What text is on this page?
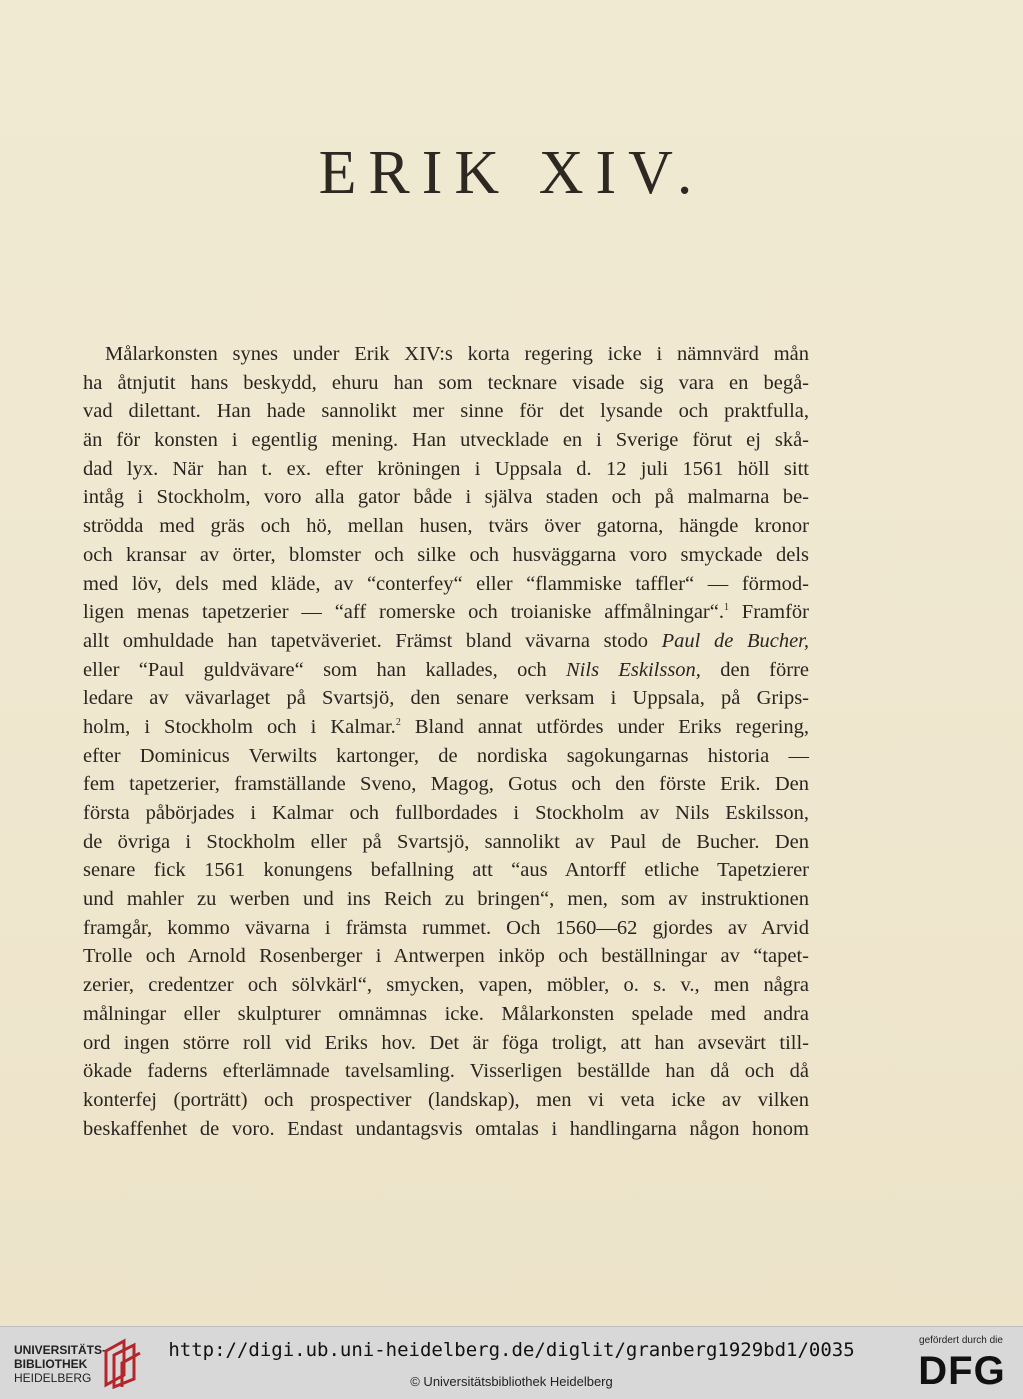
ERIK XIV.
Målarkonsten synes under Erik XIV:s korta regering icke i nämnvärd mån
ha åtnjutit hans beskydd, ehuru han som tecknare visade sig vara en begå-
vad dilettant. Han hade sannolikt mer sinne för det lysande och praktfulla,
än för konsten i egentlig mening. Han utvecklade en i Sverige förut ej skå-
dad lyx. När han t. ex. efter kröningen i Uppsala d. 12 juli 1561 höll sitt
intåg i Stockholm, voro alla gator både i själva staden och på malmarna be-
strödda med gräs och hö, mellan husen, tvärs över gatorna, hängde kronor
och kransar av örter, blomster och silke och husväggarna voro smyckade dels
med löv, dels med kläde, av “conterfey“ eller “flammiske taffler“ — förmod-
ligen menas tapetzerier — “aff romerske och troianiske affmålningar“.$^1$ Framför
allt omhuldade han tapetväveriet. Främst bland vävarna stodo Paul de Bucher,
eller “Paul guldvävare“ som han kallades, och Nils Eskilsson, den förre
ledare av vävarlaget på Svartsjö, den senare verksam i Uppsala, på Grips-
holm, i Stockholm och i Kalmar.$^2$ Bland annat utfördes under Eriks regering,
efter Dominicus Verwilts kartonger, de nordiska sagokungarnas historia —
fem tapetzerier, framställande Sveno, Magog, Gotus och den förste Erik. Den
första påbörjades i Kalmar och fullbordades i Stockholm av Nils Eskilsson,
de övriga i Stockholm eller på Svartsjö, sannolikt av Paul de Bucher. Den
senare fick 1561 konungens befallning att “aus Antorff etliche Tapetzierer
und mahler zu werben und ins Reich zu bringen“, men, som av instruktionen
framgår, kommo vävarna i främsta rummet. Och 1560—62 gjordes av Arvid
Trolle och Arnold Rosenberger i Antwerpen inköp och beställningar av “tapet-
zerier, credentzer och sölvkärl“, smycken, vapen, möbler, o. s. v., men några
målningar eller skulpturer omnämnas icke. Målarkonsten spelade med andra
ord ingen större roll vid Eriks hov. Det är föga troligt, att han avsevärt till-
ökade faderns efterlämnade tavelsamling. Visserligen beställde han då och då
konterfej (porträtt) och prospectiver (landskap), men vi veta icke av vilken
beskaffenhet de voro. Endast undantagsvis omtalas i handlingarna någon honom
UNIVERSITÄTS-
BIBLIOTHEK
HEIDELBERG
http://digi.ub.uni-heidelberg.de/diglit/granberg1929bd1/0035
© Universitätsbibliothek Heidelberg
gefördert durch die
DFG
